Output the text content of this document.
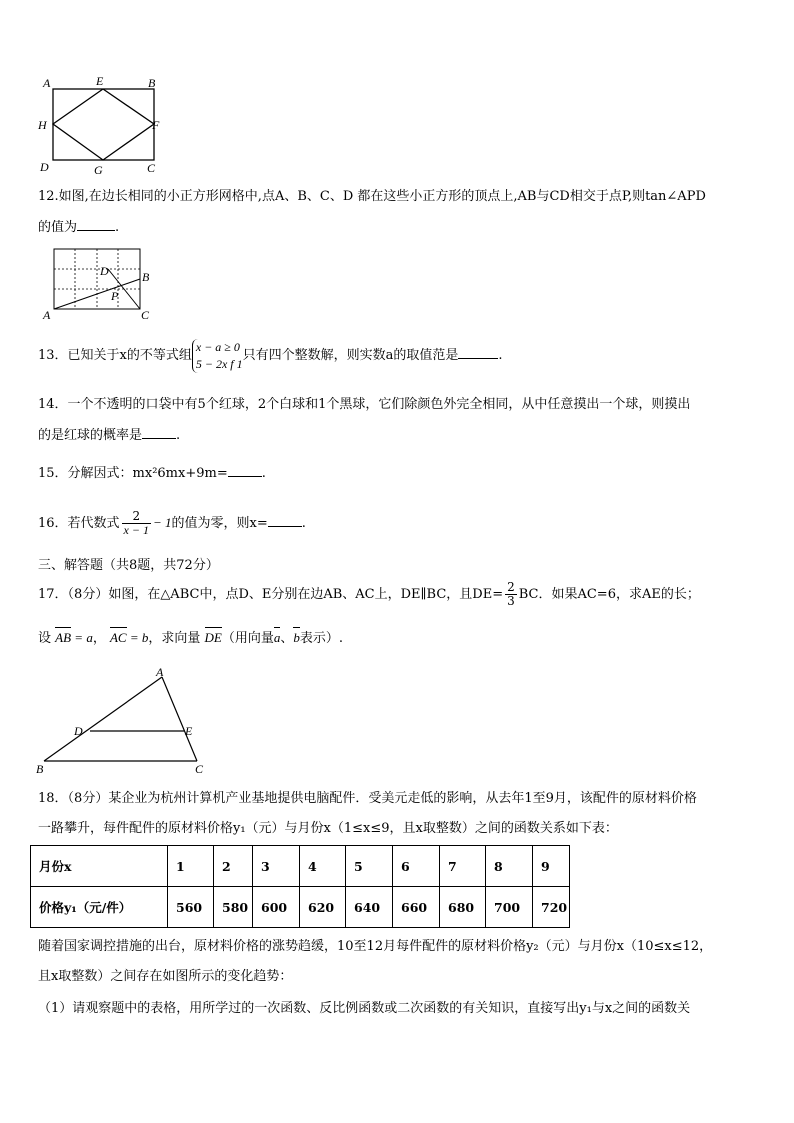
A	E	B
H	F
D	G	C
12.如图,在边长相同的小正方形网格中,点A、B、C、D 都在这些小正方形的顶点上,AB与CD相交于点P,则tan∠APD
的值为	.
D	B
P
A	C
13．已知关于x的不等式组
x − a ≥ 0
5 − 2x f 1
只有四个整数解，则实数a的取值范是	.
14．一个不透明的口袋中有5个红球，2个白球和1个黑球，它们除颜色外完全相同，从中任意摸出一个球，则摸出
的是红球的概率是	.
15．分解因式：mx²6mx+9m=	.
16．若代数式 $\frac{2}{x - 1} - 1$的值为零，则x=	.
三、解答题（共8题，共72分）
17．（8分）如图，在△ABC中，点D、E分别在边AB、AC上，DE∥BC，且$DE= \frac{2}{3}$ BC．如果AC=6，求AE的长；
设 AB = a， AC = b，求向量 DE（用向量a、b表示）.
A
D	E
B	C
18．（8分）某企业为杭州计算机产业基地提供电脑配件．受美元走低的影响，从去年1至9月，该配件的原材料价格
一路攀升，每件配件的原材料价格y₁（元）与月份x（1≤x≤9，且x取整数）之间的函数关系如下表：
月份x	1	2	3	4	5	6	7	8	9
价格y₁（元/件）	560	580	600	620	640	660	680	700	720
随着国家调控措施的出台，原材料价格的涨势趋缓，10至12月每件配件的原材料价格y₂（元）与月份x（10≤x≤12，
且x取整数）之间存在如图所示的变化趋势：
（1）请观察题中的表格，用所学过的一次函数、反比例函数或二次函数的有关知识，直接写出y₁与x之间的函数关
